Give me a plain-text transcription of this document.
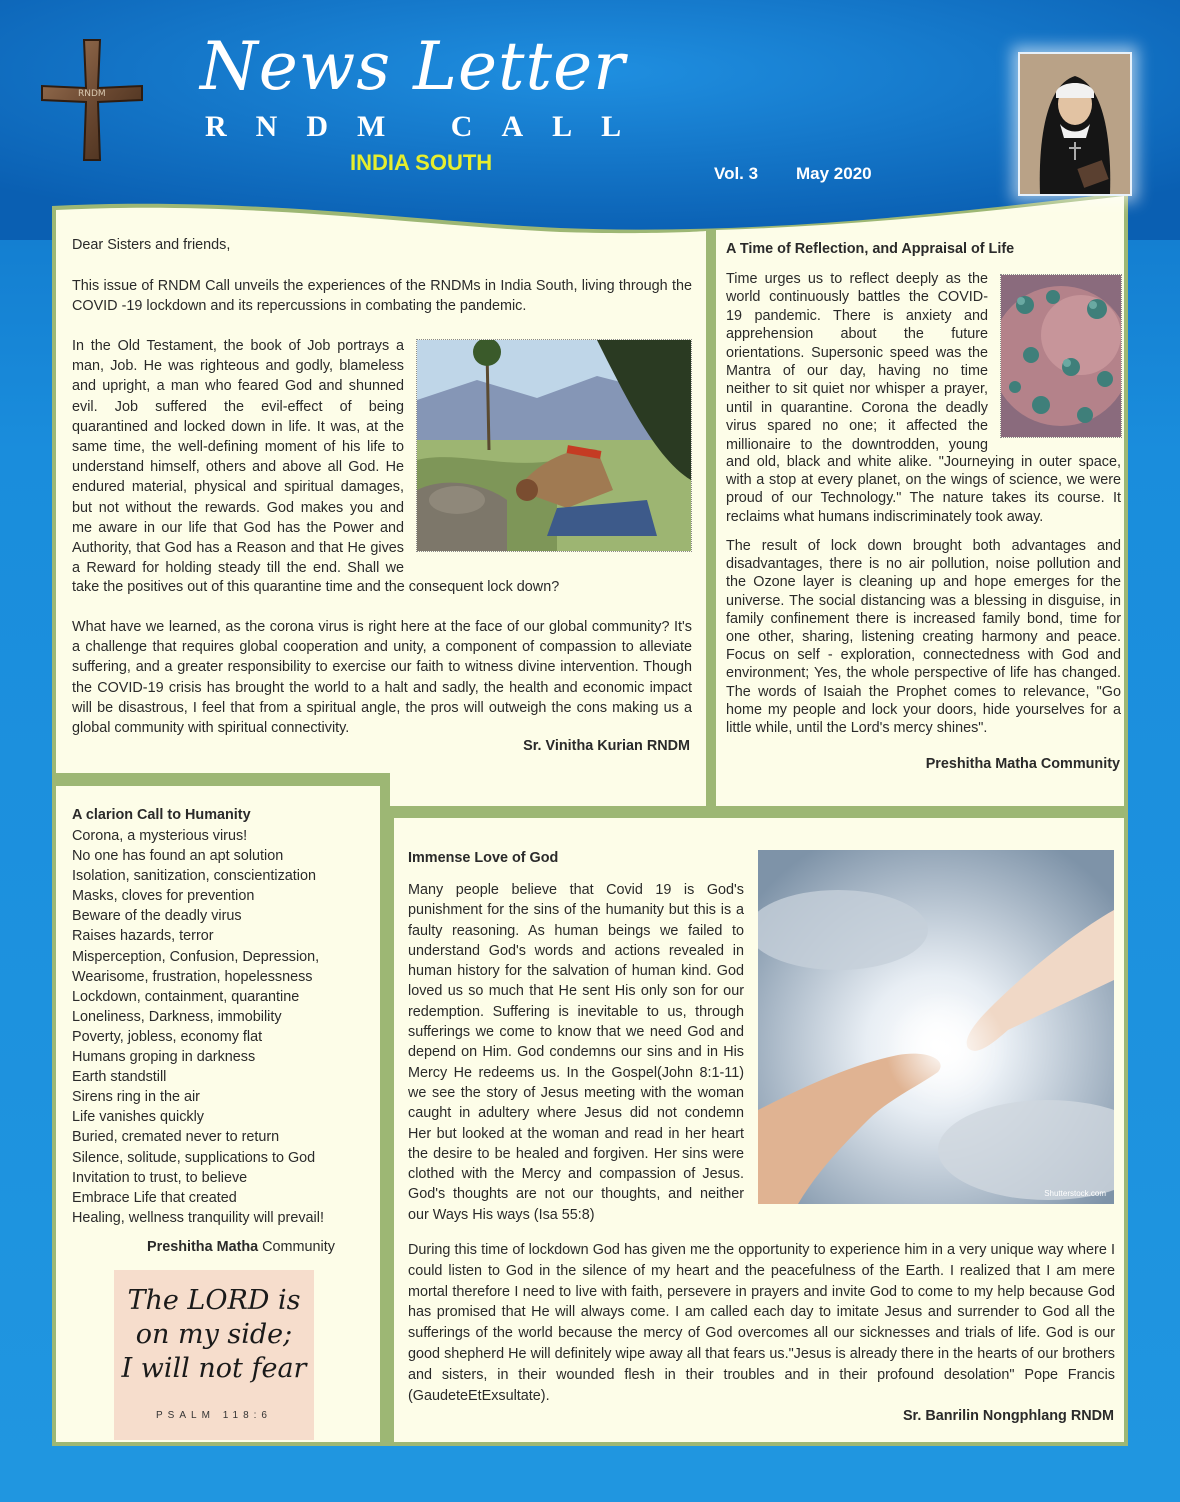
RNDM News Letter
RNDM CALL
INDIA SOUTH	Vol. 3 May 2020
Dear Sisters and friends,
This issue of RNDM Call unveils the experiences of the RNDMs in India South, living through the COVID -19 lockdown and its repercussions in combating the pandemic.
In the Old Testament, the book of Job portrays a
man, Job. He was righteous and godly, blameless
and upright, a man who feared God and shunned
evil. Job suffered the evil-effect of being
quarantined and locked down in life. It was, at the
same time, the well-defining moment of his life to
understand himself, others and above all God. He
endured material, physical and spiritual damages,
but not without the rewards. God makes you and
me aware in our life that God has the Power and
Authority, that God has a Reason and that He gives
a Reward for holding steady till the end. Shall we
take the positives out of this quarantine time and the consequent lock down?
What have we learned, as the corona virus is right here at the face of our global community? It's a challenge that requires global cooperation and unity, a component of compassion to alleviate suffering, and a greater responsibility to exercise our faith to witness divine intervention. Though the COVID-19 crisis has brought the world to a halt and sadly, the health and economic impact will be disastrous, I feel that from a spiritual angle, the pros will outweigh the cons making us a global community with spiritual connectivity.
Sr. Vinitha Kurian RNDM
A Time of Reflection, and Appraisal of Life
Time urges us to reflect deeply as the
world continuously battles the COVID-
19 pandemic. There is anxiety and
apprehension about the future
orientations. Supersonic speed was the
Mantra of our day, having no time
neither to sit quiet nor whisper a prayer,
until in quarantine. Corona the deadly
virus spared no one; it affected the
millionaire to the downtrodden, young
and old, black and white alike. "Journeying in outer space, with a stop at every planet, on the wings of science, we were proud of our Technology." The nature takes its course. It reclaims what humans indiscriminately took away.
The result of lock down brought both advantages and disadvantages, there is no air pollution, noise pollution and the Ozone layer is cleaning up and hope emerges for the universe. The social distancing was a blessing in disguise, in family confinement there is increased family bond, time for one other, sharing, listening creating harmony and peace. Focus on self - exploration, connectedness with God and environment; Yes, the whole perspective of life has changed. The words of Isaiah the Prophet comes to relevance, "Go home my people and lock your doors, hide yourselves for a little while, until the Lord's mercy shines".
Preshitha Matha Community
A clarion Call to Humanity
Corona, a mysterious virus!
No one has found an apt solution
Isolation, sanitization, conscientization
Masks, cloves for prevention
Beware of the deadly virus
Raises hazards, terror
Misperception, Confusion, Depression,
Wearisome, frustration, hopelessness
Lockdown, containment, quarantine
Loneliness, Darkness, immobility
Poverty, jobless, economy flat
Humans groping in darkness
Earth standstill
Sirens ring in the air
Life vanishes quickly
Buried, cremated never to return
Silence, solitude, supplications to God
Invitation to trust, to believe
Embrace Life that created
Healing, wellness tranquility will prevail!
Preshitha Matha Community
The LORD is
on my side;
I will not fear
PSALM 118:6
Immense Love of God
Many people believe that Covid 19 is God's
punishment for the sins of the humanity but this is a
faulty reasoning. As human beings we failed to
understand God's words and actions revealed in
human history for the salvation of human kind. God
loved us so much that He sent His only son for our
redemption. Suffering is inevitable to us, through
sufferings we come to know that we need God and
depend on Him. God condemns our sins and in His
Mercy He redeems us. In the Gospel(John 8:1-11)
we see the story of Jesus meeting with the woman
caught in adultery where Jesus did not condemn
Her but looked at the woman and read in her heart
the desire to be healed and forgiven. Her sins were
clothed with the Mercy and compassion of Jesus.
God's thoughts are not our thoughts, and neither
our Ways His ways (Isa 55:8)
Shutterstock.com
During this time of lockdown God has given me the opportunity to experience him in a very unique way where I could listen to God in the silence of my heart and the peacefulness of the Earth. I realized that I am mere mortal therefore I need to live with faith, persevere in prayers and invite God to come to my help because God has promised that He will always come. I am called each day to imitate Jesus and surrender to God all the sufferings of the world because the mercy of God overcomes all our sicknesses and trials of life. God is our good shepherd He will definitely wipe away all that fears us."Jesus is already there in the hearts of our brothers and sisters, in their wounded flesh in their troubles and in their profound desolation" Pope Francis (GaudeteEtExsultate).
Sr. Banrilin Nongphlang RNDM
